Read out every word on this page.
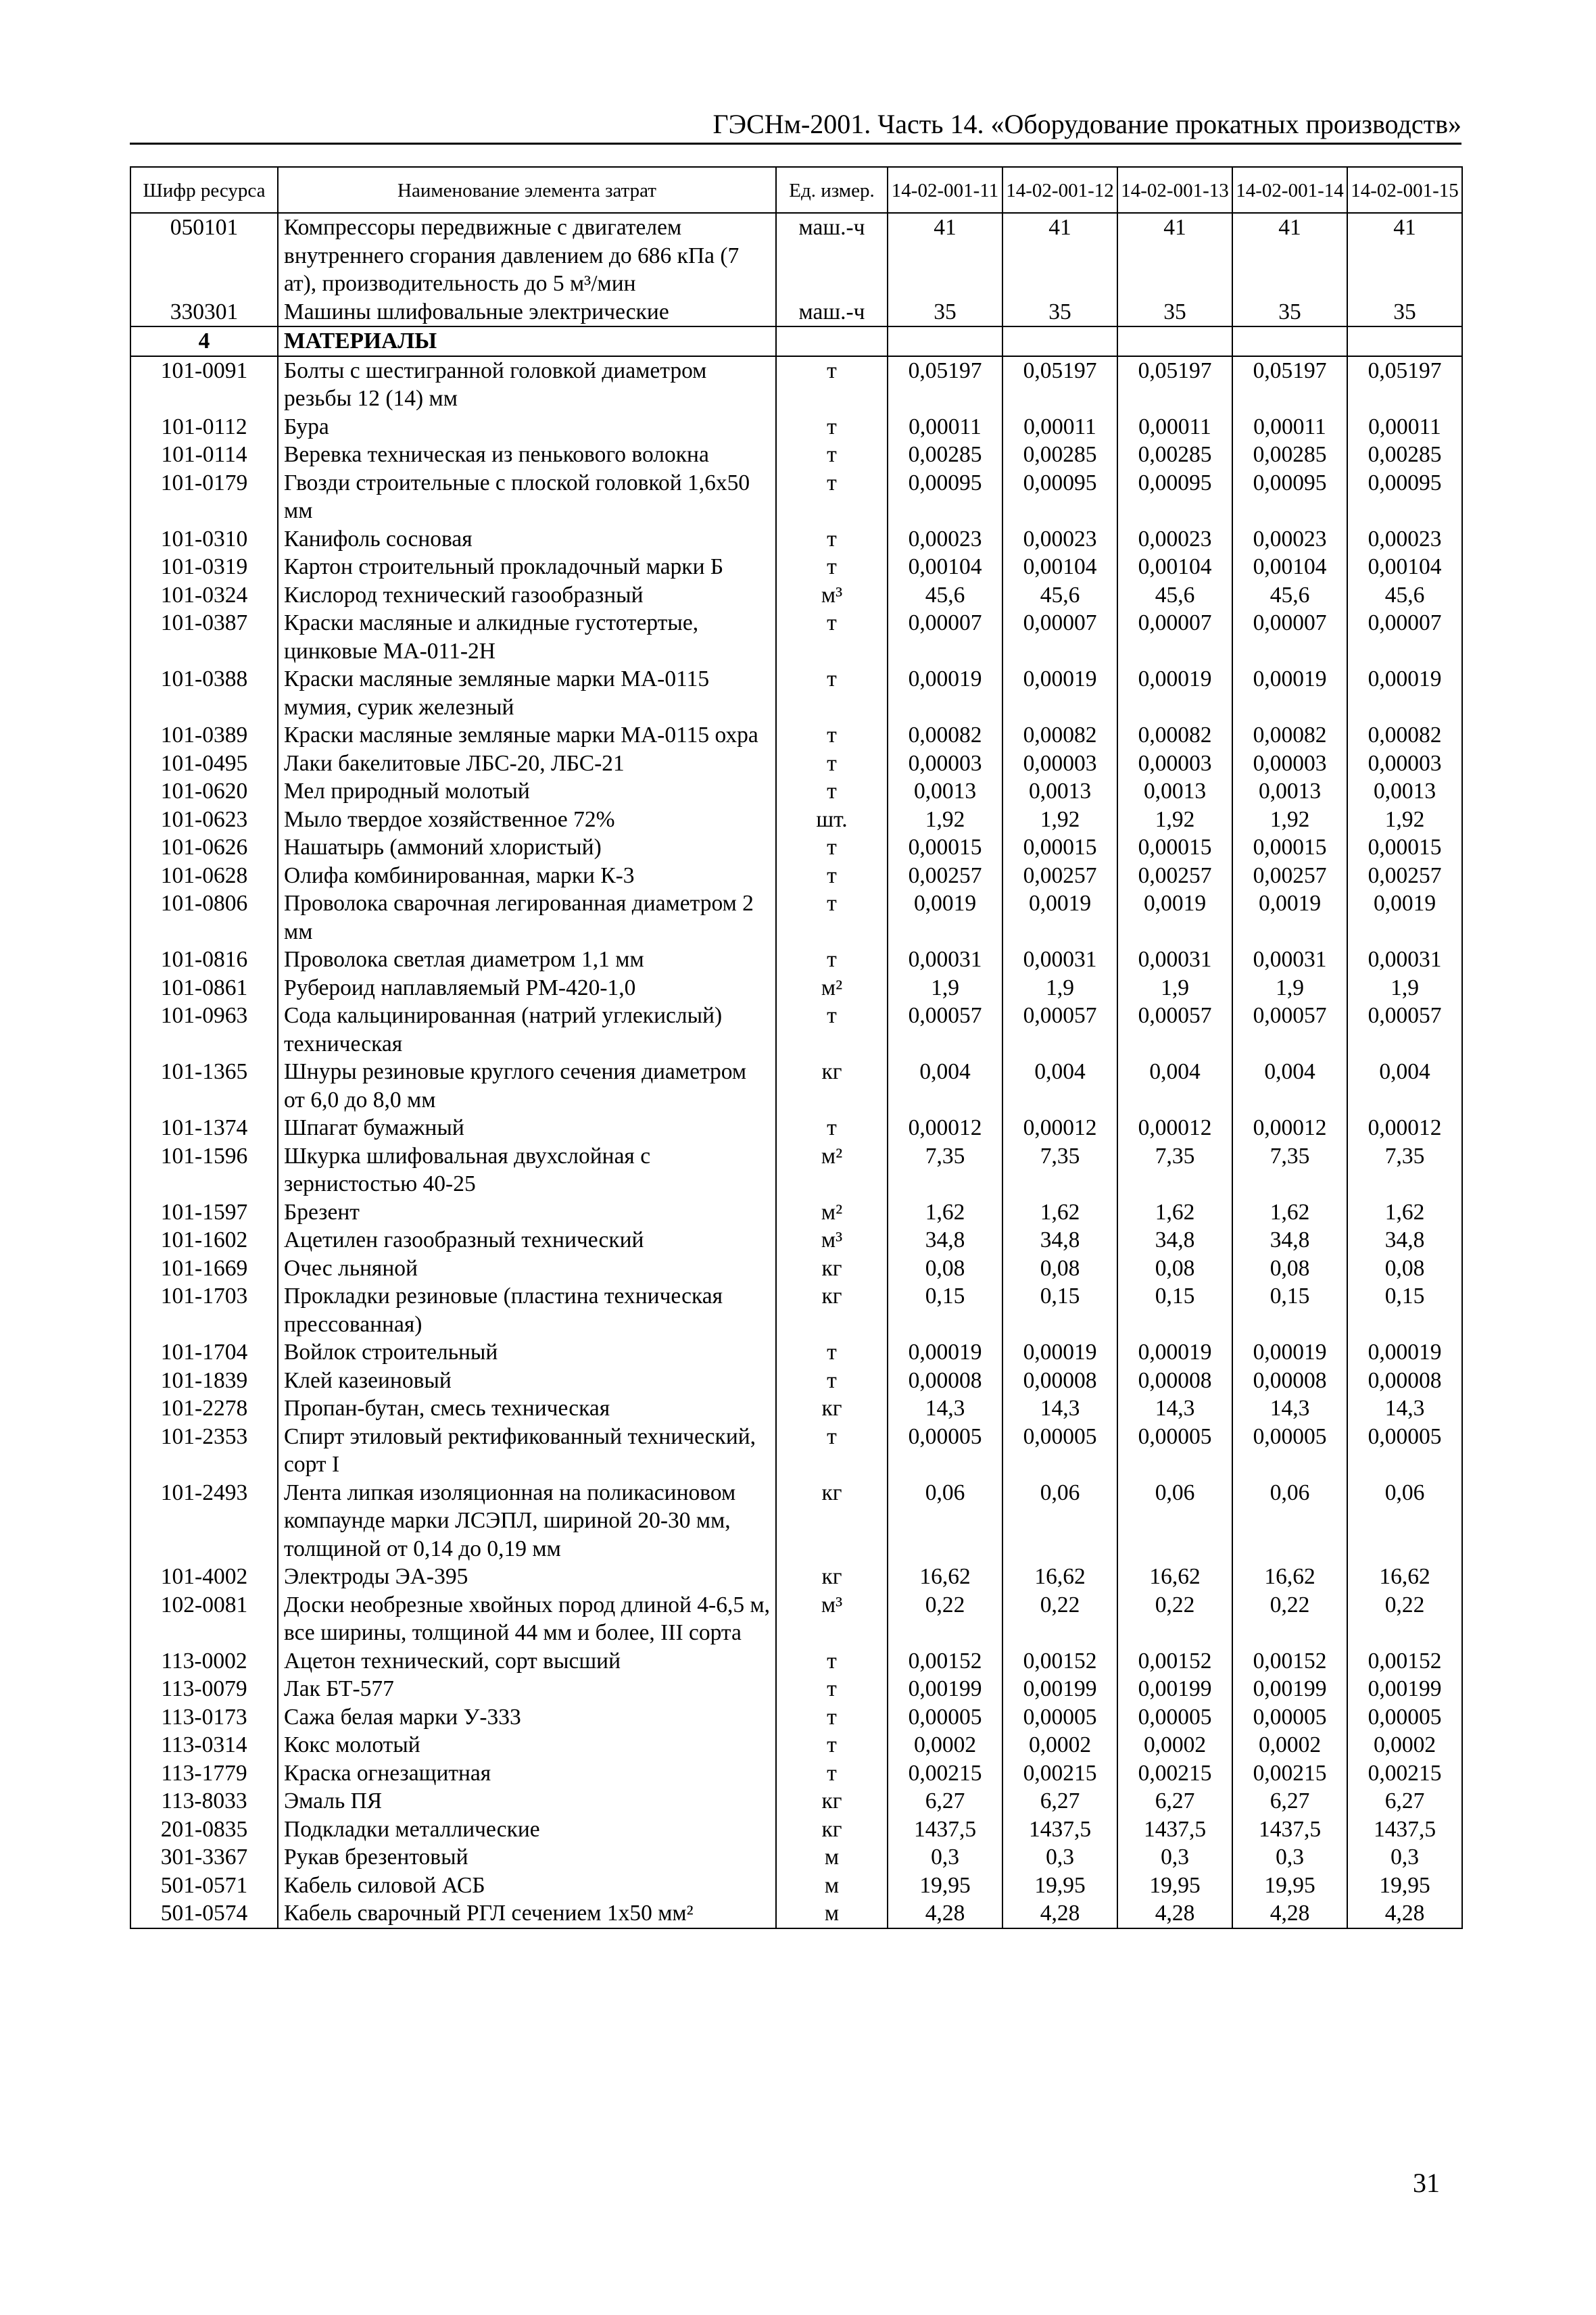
ГЭСНм-2001. Часть 14. «Оборудование прокатных производств»
Шифр ресурса	Наименование элемента затрат	Ед. измер.	14-02-001-11	14-02-001-12	14-02-001-13	14-02-001-14	14-02-001-15
050101	Компрессоры передвижные с двигателем внутреннего сгорания давлением до 686 кПа (7 ат), производительность до 5 м³/мин	маш.-ч	41	41	41	41	41
330301	Машины шлифовальные электрические	маш.-ч	35	35	35	35	35
4	МАТЕРИАЛЫ						
101-0091	Болты с шестигранной головкой диаметром резьбы 12 (14) мм	т	0,05197	0,05197	0,05197	0,05197	0,05197
101-0112	Бура	т	0,00011	0,00011	0,00011	0,00011	0,00011
101-0114	Веревка техническая из пенькового волокна	т	0,00285	0,00285	0,00285	0,00285	0,00285
101-0179	Гвозди строительные с плоской головкой 1,6х50 мм	т	0,00095	0,00095	0,00095	0,00095	0,00095
101-0310	Канифоль сосновая	т	0,00023	0,00023	0,00023	0,00023	0,00023
101-0319	Картон строительный прокладочный марки Б	т	0,00104	0,00104	0,00104	0,00104	0,00104
101-0324	Кислород технический газообразный	м³	45,6	45,6	45,6	45,6	45,6
101-0387	Краски масляные и алкидные густотертые, цинковые МА-011-2Н	т	0,00007	0,00007	0,00007	0,00007	0,00007
101-0388	Краски масляные земляные марки МА-0115 мумия, сурик железный	т	0,00019	0,00019	0,00019	0,00019	0,00019
101-0389	Краски масляные земляные марки МА-0115 охра	т	0,00082	0,00082	0,00082	0,00082	0,00082
101-0495	Лаки бакелитовые ЛБС-20, ЛБС-21	т	0,00003	0,00003	0,00003	0,00003	0,00003
101-0620	Мел природный молотый	т	0,0013	0,0013	0,0013	0,0013	0,0013
101-0623	Мыло твердое хозяйственное 72%	шт.	1,92	1,92	1,92	1,92	1,92
101-0626	Нашатырь (аммоний хлористый)	т	0,00015	0,00015	0,00015	0,00015	0,00015
101-0628	Олифа комбинированная, марки К-3	т	0,00257	0,00257	0,00257	0,00257	0,00257
101-0806	Проволока сварочная легированная диаметром 2 мм	т	0,0019	0,0019	0,0019	0,0019	0,0019
101-0816	Проволока светлая диаметром 1,1 мм	т	0,00031	0,00031	0,00031	0,00031	0,00031
101-0861	Рубероид наплавляемый РМ-420-1,0	м²	1,9	1,9	1,9	1,9	1,9
101-0963	Сода кальцинированная (натрий углекислый) техническая	т	0,00057	0,00057	0,00057	0,00057	0,00057
101-1365	Шнуры резиновые круглого сечения диаметром от 6,0 до 8,0 мм	кг	0,004	0,004	0,004	0,004	0,004
101-1374	Шпагат бумажный	т	0,00012	0,00012	0,00012	0,00012	0,00012
101-1596	Шкурка шлифовальная двухслойная с зернистостью 40-25	м²	7,35	7,35	7,35	7,35	7,35
101-1597	Брезент	м²	1,62	1,62	1,62	1,62	1,62
101-1602	Ацетилен газообразный технический	м³	34,8	34,8	34,8	34,8	34,8
101-1669	Очес льняной	кг	0,08	0,08	0,08	0,08	0,08
101-1703	Прокладки резиновые (пластина техническая прессованная)	кг	0,15	0,15	0,15	0,15	0,15
101-1704	Войлок строительный	т	0,00019	0,00019	0,00019	0,00019	0,00019
101-1839	Клей казеиновый	т	0,00008	0,00008	0,00008	0,00008	0,00008
101-2278	Пропан-бутан, смесь техническая	кг	14,3	14,3	14,3	14,3	14,3
101-2353	Спирт этиловый ректификованный технический, сорт I	т	0,00005	0,00005	0,00005	0,00005	0,00005
101-2493	Лента липкая изоляционная на поликасиновом компаунде марки ЛСЭПЛ, шириной 20-30 мм, толщиной от 0,14 до 0,19 мм	кг	0,06	0,06	0,06	0,06	0,06
101-4002	Электроды ЭА-395	кг	16,62	16,62	16,62	16,62	16,62
102-0081	Доски необрезные хвойных пород длиной 4-6,5 м, все ширины, толщиной 44 мм и более, III сорта	м³	0,22	0,22	0,22	0,22	0,22
113-0002	Ацетон технический, сорт высший	т	0,00152	0,00152	0,00152	0,00152	0,00152
113-0079	Лак БТ-577	т	0,00199	0,00199	0,00199	0,00199	0,00199
113-0173	Сажа белая марки У-333	т	0,00005	0,00005	0,00005	0,00005	0,00005
113-0314	Кокс молотый	т	0,0002	0,0002	0,0002	0,0002	0,0002
113-1779	Краска огнезащитная	т	0,00215	0,00215	0,00215	0,00215	0,00215
113-8033	Эмаль ПЯ	кг	6,27	6,27	6,27	6,27	6,27
201-0835	Подкладки металлические	кг	1437,5	1437,5	1437,5	1437,5	1437,5
301-3367	Рукав брезентовый	м	0,3	0,3	0,3	0,3	0,3
501-0571	Кабель силовой АСБ	м	19,95	19,95	19,95	19,95	19,95
501-0574	Кабель сварочный РГЛ сечением 1х50 мм²	м	4,28	4,28	4,28	4,28	4,28
31
